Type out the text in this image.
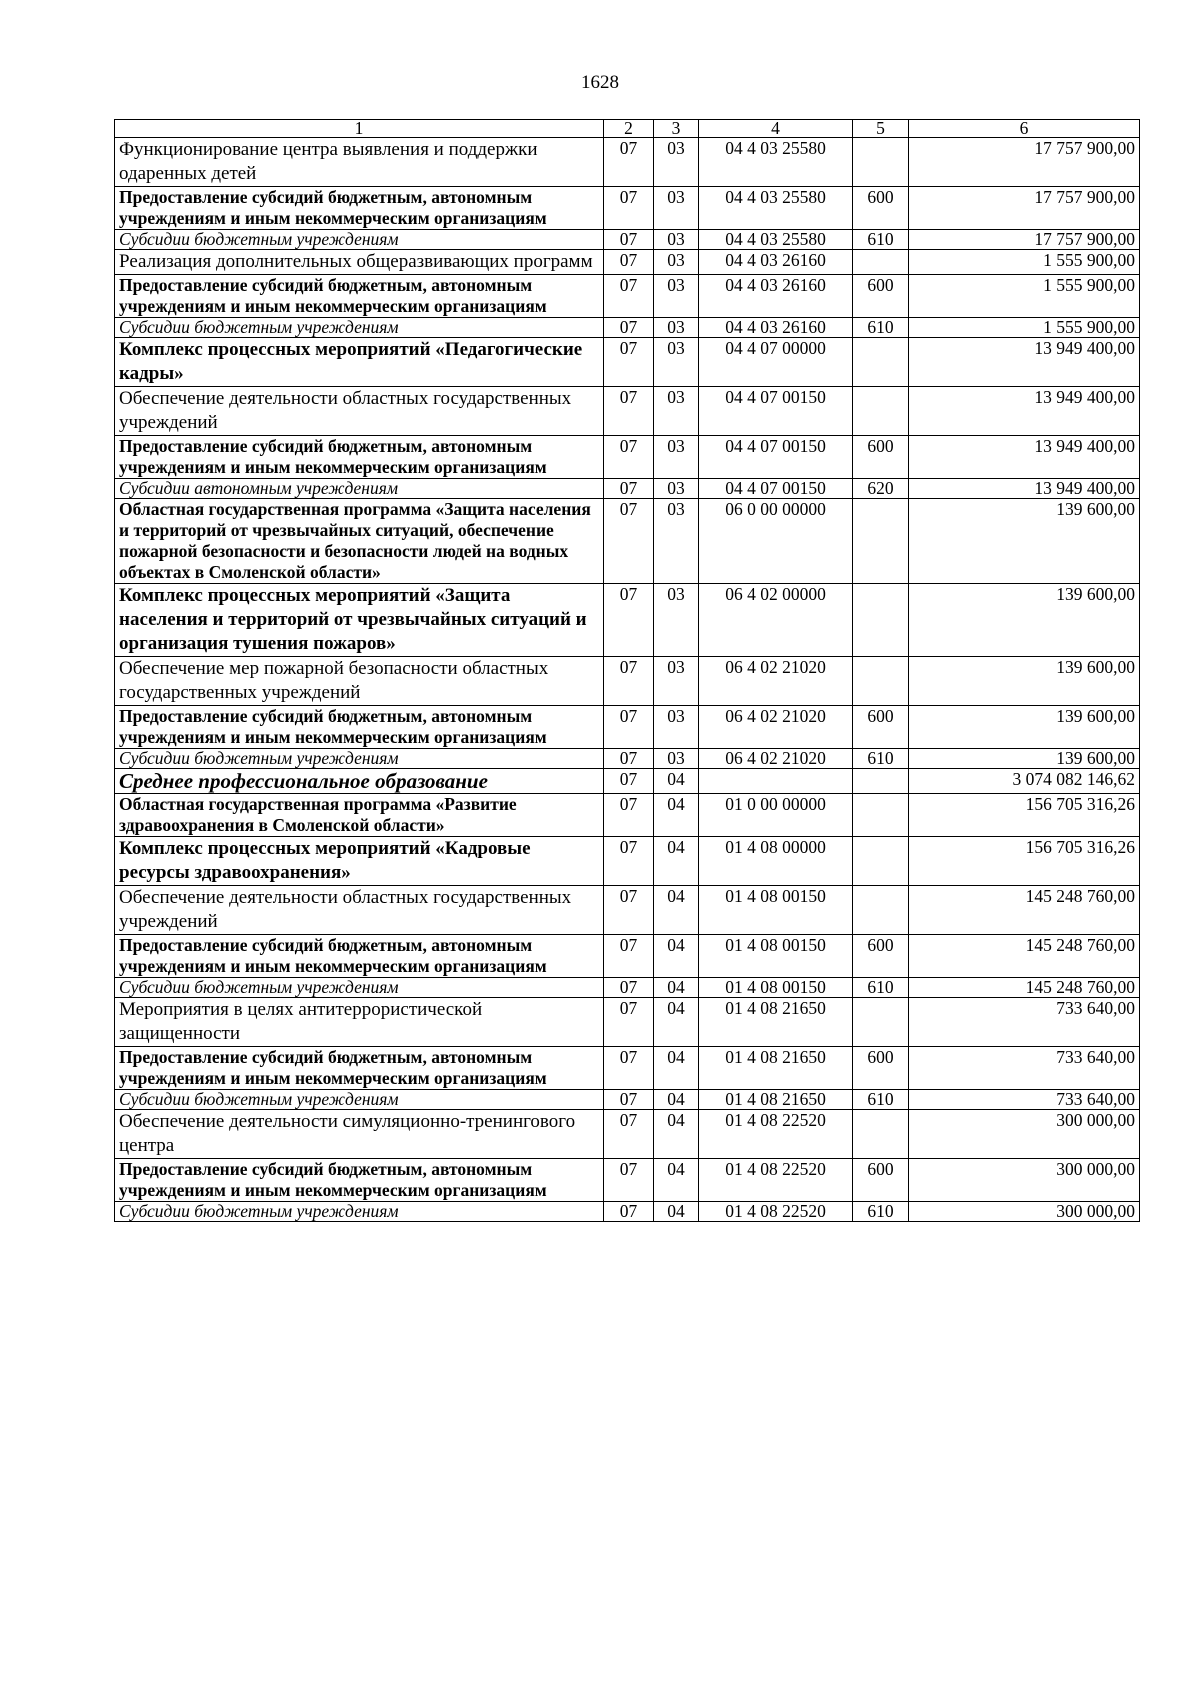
1628
1	2	3	4	5	6
Функционирование центра выявления и поддержки одаренных детей	07	03	04 4 03 25580		17 757 900,00
Предоставление субсидий бюджетным, автономным учреждениям и иным некоммерческим организациям	07	03	04 4 03 25580	600	17 757 900,00
Субсидии бюджетным учреждениям	07	03	04 4 03 25580	610	17 757 900,00
Реализация дополнительных общеразвивающих программ	07	03	04 4 03 26160		1 555 900,00
Предоставление субсидий бюджетным, автономным учреждениям и иным некоммерческим организациям	07	03	04 4 03 26160	600	1 555 900,00
Субсидии бюджетным учреждениям	07	03	04 4 03 26160	610	1 555 900,00
Комплекс процессных мероприятий «Педагогические кадры»	07	03	04 4 07 00000		13 949 400,00
Обеспечение деятельности областных государственных учреждений	07	03	04 4 07 00150		13 949 400,00
Предоставление субсидий бюджетным, автономным учреждениям и иным некоммерческим организациям	07	03	04 4 07 00150	600	13 949 400,00
Субсидии автономным учреждениям	07	03	04 4 07 00150	620	13 949 400,00
Областная государственная программа «Защита населения и территорий от чрезвычайных ситуаций, обеспечение пожарной безопасности и безопасности людей на водных объектах в Смоленской области»	07	03	06 0 00 00000		139 600,00
Комплекс процессных мероприятий «Защита населения и территорий от чрезвычайных ситуаций и организация тушения пожаров»	07	03	06 4 02 00000		139 600,00
Обеспечение мер пожарной безопасности областных государственных учреждений	07	03	06 4 02 21020		139 600,00
Предоставление субсидий бюджетным, автономным учреждениям и иным некоммерческим организациям	07	03	06 4 02 21020	600	139 600,00
Субсидии бюджетным учреждениям	07	03	06 4 02 21020	610	139 600,00
Среднее профессиональное образование	07	04			3 074 082 146,62
Областная государственная программа «Развитие здравоохранения в Смоленской области»	07	04	01 0 00 00000		156 705 316,26
Комплекс процессных мероприятий «Кадровые ресурсы здравоохранения»	07	04	01 4 08 00000		156 705 316,26
Обеспечение деятельности областных государственных учреждений	07	04	01 4 08 00150		145 248 760,00
Предоставление субсидий бюджетным, автономным учреждениям и иным некоммерческим организациям	07	04	01 4 08 00150	600	145 248 760,00
Субсидии бюджетным учреждениям	07	04	01 4 08 00150	610	145 248 760,00
Мероприятия в целях антитеррористической защищенности	07	04	01 4 08 21650		733 640,00
Предоставление субсидий бюджетным, автономным учреждениям и иным некоммерческим организациям	07	04	01 4 08 21650	600	733 640,00
Субсидии бюджетным учреждениям	07	04	01 4 08 21650	610	733 640,00
Обеспечение деятельности симуляционно-тренингового центра	07	04	01 4 08 22520		300 000,00
Предоставление субсидий бюджетным, автономным учреждениям и иным некоммерческим организациям	07	04	01 4 08 22520	600	300 000,00
Субсидии бюджетным учреждениям	07	04	01 4 08 22520	610	300 000,00
